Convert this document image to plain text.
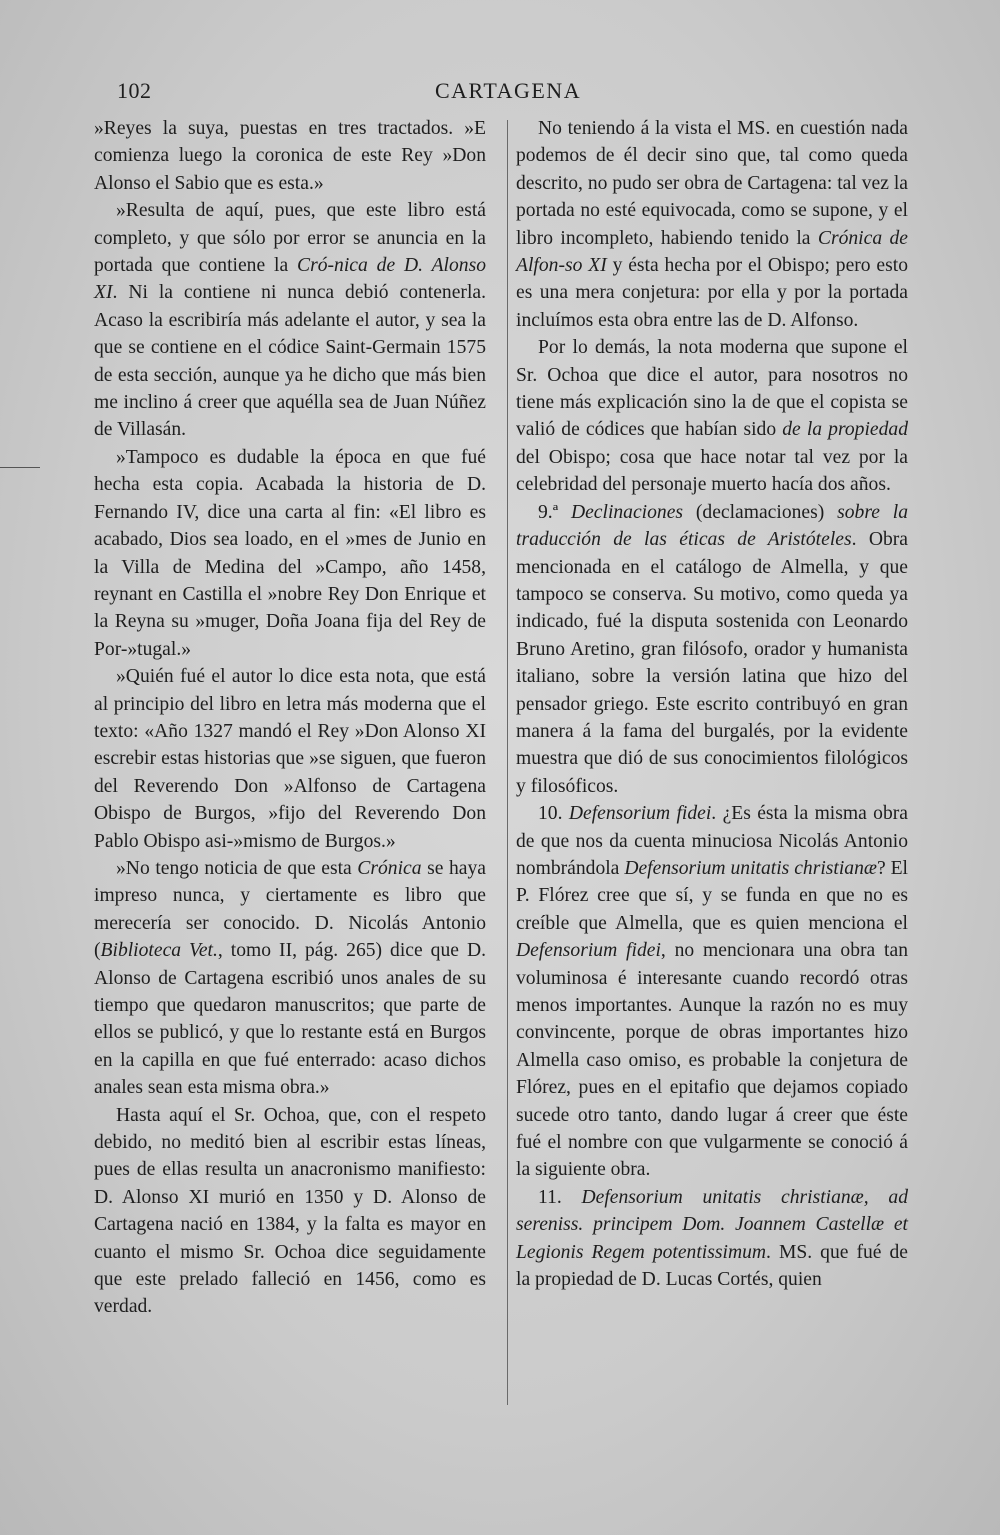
102	CARTAGENA

»Reyes la suya, puestas en tres tractados. »E comienza luego la coronica de este Rey »Don Alonso el Sabio que es esta.»

»Resulta de aquí, pues, que este libro está completo, y que sólo por error se anuncia en la portada que contiene la Cró-nica de D. Alonso XI. Ni la contiene ni nunca debió contenerla. Acaso la escribiría más adelante el autor, y sea la que se contiene en el códice Saint-Germain 1575 de esta sección, aunque ya he dicho que más bien me inclino á creer que aquélla sea de Juan Núñez de Villasán.

»Tampoco es dudable la época en que fué hecha esta copia. Acabada la historia de D. Fernando IV, dice una carta al fin: «El libro es acabado, Dios sea loado, en el »mes de Junio en la Villa de Medina del »Campo, año 1458, reynant en Castilla el »nobre Rey Don Enrique et la Reyna su »muger, Doña Joana fija del Rey de Por-»tugal.»

»Quién fué el autor lo dice esta nota, que está al principio del libro en letra más moderna que el texto: «Año 1327 mandó el Rey »Don Alonso XI escrebir estas historias que »se siguen, que fueron del Reverendo Don »Alfonso de Cartagena Obispo de Burgos, »fijo del Reverendo Don Pablo Obispo asi-»mismo de Burgos.»

»No tengo noticia de que esta Crónica se haya impreso nunca, y ciertamente es libro que merecería ser conocido. D. Nicolás Antonio (Biblioteca Vet., tomo II, pág. 265) dice que D. Alonso de Cartagena escribió unos anales de su tiempo que quedaron manuscritos; que parte de ellos se publicó, y que lo restante está en Burgos en la capilla en que fué enterrado: acaso dichos anales sean esta misma obra.»

Hasta aquí el Sr. Ochoa, que, con el respeto debido, no meditó bien al escribir estas líneas, pues de ellas resulta un anacronismo manifiesto: D. Alonso XI murió en 1350 y D. Alonso de Cartagena nació en 1384, y la falta es mayor en cuanto el mismo Sr. Ochoa dice seguidamente que este prelado falleció en 1456, como es verdad.

No teniendo á la vista el MS. en cuestión nada podemos de él decir sino que, tal como queda descrito, no pudo ser obra de Cartagena: tal vez la portada no esté equivocada, como se supone, y el libro incompleto, habiendo tenido la Crónica de Alfon-so XI y ésta hecha por el Obispo; pero esto es una mera conjetura: por ella y por la portada incluímos esta obra entre las de D. Alfonso.

Por lo demás, la nota moderna que supone el Sr. Ochoa que dice el autor, para nosotros no tiene más explicación sino la de que el copista se valió de códices que habían sido de la propiedad del Obispo; cosa que hace notar tal vez por la celebridad del personaje muerto hacía dos años.

9.ª Declinaciones (declamaciones) sobre la traducción de las éticas de Aristóteles. Obra mencionada en el catálogo de Almella, y que tampoco se conserva. Su motivo, como queda ya indicado, fué la disputa sostenida con Leonardo Bruno Aretino, gran filósofo, orador y humanista italiano, sobre la versión latina que hizo del pensador griego. Este escrito contribuyó en gran manera á la fama del burgalés, por la evidente muestra que dió de sus conocimientos filológicos y filosóficos.

10. Defensorium fidei. ¿Es ésta la misma obra de que nos da cuenta minuciosa Nicolás Antonio nombrándola Defensorium unitatis christianæ? El P. Flórez cree que sí, y se funda en que no es creíble que Almella, que es quien menciona el Defensorium fidei, no mencionara una obra tan voluminosa é interesante cuando recordó otras menos importantes. Aunque la razón no es muy convincente, porque de obras importantes hizo Almella caso omiso, es probable la conjetura de Flórez, pues en el epitafio que dejamos copiado sucede otro tanto, dando lugar á creer que éste fué el nombre con que vulgarmente se conoció á la siguiente obra.

11. Defensorium unitatis christianæ, ad sereniss. principem Dom. Joannem Castellæ et Legionis Regem potentissimum. MS. que fué de la propiedad de D. Lucas Cortés, quien
